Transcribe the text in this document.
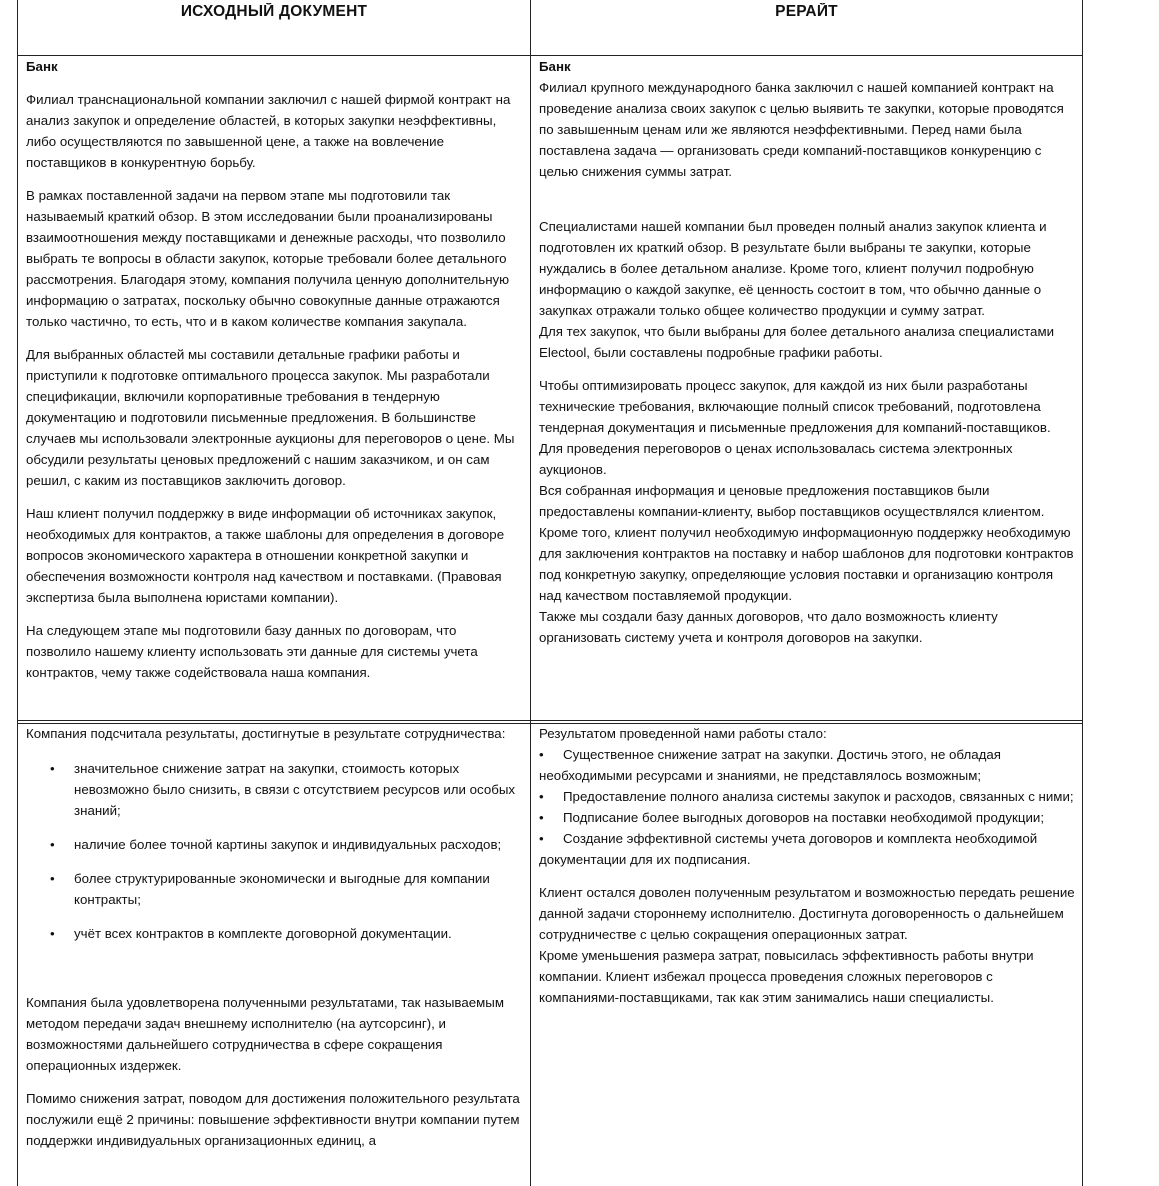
ИСХОДНЫЙ ДОКУМЕНТ	РЕРАЙТ

Банк

Филиал транснациональной компании заключил с нашей фирмой контракт на анализ закупок и определение областей, в которых закупки неэффективны, либо осуществляются по завышенной цене, а также на вовлечение поставщиков в конкурентную борьбу.

В рамках поставленной задачи на первом этапе мы подготовили так называемый краткий обзор. В этом исследовании были проанализированы взаимоотношения между поставщиками и денежные расходы, что позволило выбрать те вопросы в области закупок, которые требовали более детального рассмотрения. Благодаря этому, компания получила ценную дополнительную информацию о затратах, поскольку обычно совокупные данные отражаются только частично, то есть, что и в каком количестве компания закупала.

Для выбранных областей мы составили детальные графики работы и приступили к подготовке оптимального процесса закупок. Мы разработали спецификации, включили корпоративные требования в тендерную документацию и подготовили письменные предложения. В большинстве случаев мы использовали электронные аукционы для переговоров о цене. Мы обсудили результаты ценовых предложений с нашим заказчиком, и он сам решил, с каким из поставщиков заключить договор.

Наш клиент получил поддержку в виде информации об источниках закупок, необходимых для контрактов, а также шаблоны для определения в договоре вопросов экономического характера в отношении конкретной закупки и обеспечения возможности контроля над качеством и поставками. (Правовая экспертиза была выполнена юристами компании).

На следующем этапе мы подготовили базу данных по договорам, что позволило нашему клиенту использовать эти данные для системы учета контрактов, чему также содействовала наша компания.

Банк

Филиал крупного международного банка заключил с нашей компанией контракт на проведение анализа своих закупок с целью выявить те закупки, которые проводятся по завышенным ценам или же являются неэффективными. Перед нами была поставлена задача — организовать среди компаний-поставщиков конкуренцию с целью снижения суммы затрат.

Специалистами нашей компании был проведен полный анализ закупок клиента и подготовлен их краткий обзор. В результате были выбраны те закупки, которые нуждались в более детальном анализе. Кроме того, клиент получил подробную информацию о каждой закупке, её ценность состоит в том, что обычно данные о закупках отражали только общее количество продукции и сумму затрат.

Для тех закупок, что были выбраны для более детального анализа специалистами Electool, были составлены подробные графики работы.

Чтобы оптимизировать процесс закупок, для каждой из них были разработаны технические требования, включающие полный список требований, подготовлена тендерная документация и письменные предложения для компаний-поставщиков. Для проведения переговоров о ценах использовалась система электронных аукционов.

Вся собранная информация и ценовые предложения поставщиков были предоставлены компании-клиенту, выбор поставщиков осуществлялся клиентом.

Кроме того, клиент получил необходимую информационную поддержку необходимую для заключения контрактов на поставку и набор шаблонов для подготовки контрактов под конкретную закупку, определяющие условия поставки и организацию контроля над качеством поставляемой продукции.

Также мы создали базу данных договоров, что дало возможность клиенту организовать систему учета и контроля договоров на закупки.

Компания подсчитала результаты, достигнутые в результате сотрудничества:

• значительное снижение затрат на закупки, стоимость которых невозможно было снизить, в связи с отсутствием ресурсов или особых знаний;
• наличие более точной картины закупок и индивидуальных расходов;
• более структурированные экономически и выгодные для компании контракты;
• учёт всех контрактов в комплекте договорной документации.

Компания была удовлетворена полученными результатами, так называемым методом передачи задач внешнему исполнителю (на аутсорсинг), и возможностями дальнейшего сотрудничества в сфере сокращения операционных издержек.

Помимо снижения затрат, поводом для достижения положительного результата послужили ещё 2 причины: повышение эффективности внутри компании путем поддержки индивидуальных организационных единиц, а

Результатом проведенной нами работы стало:

• Существенное снижение затрат на закупки. Достичь этого, не обладая необходимыми ресурсами и знаниями, не представлялось возможным;
• Предоставление полного анализа системы закупок и расходов, связанных с ними;
• Подписание более выгодных договоров на поставки необходимой продукции;
• Создание эффективной системы учета договоров и комплекта необходимой документации для их подписания.

Клиент остался доволен полученным результатом и возможностью передать решение данной задачи стороннему исполнителю. Достигнута договоренность о дальнейшем сотрудничестве с целью сокращения операционных затрат.

Кроме уменьшения размера затрат, повысилась эффективность работы внутри компании. Клиент избежал процесса проведения сложных переговоров с компаниями-поставщиками, так как этим занимались наши специалисты.
